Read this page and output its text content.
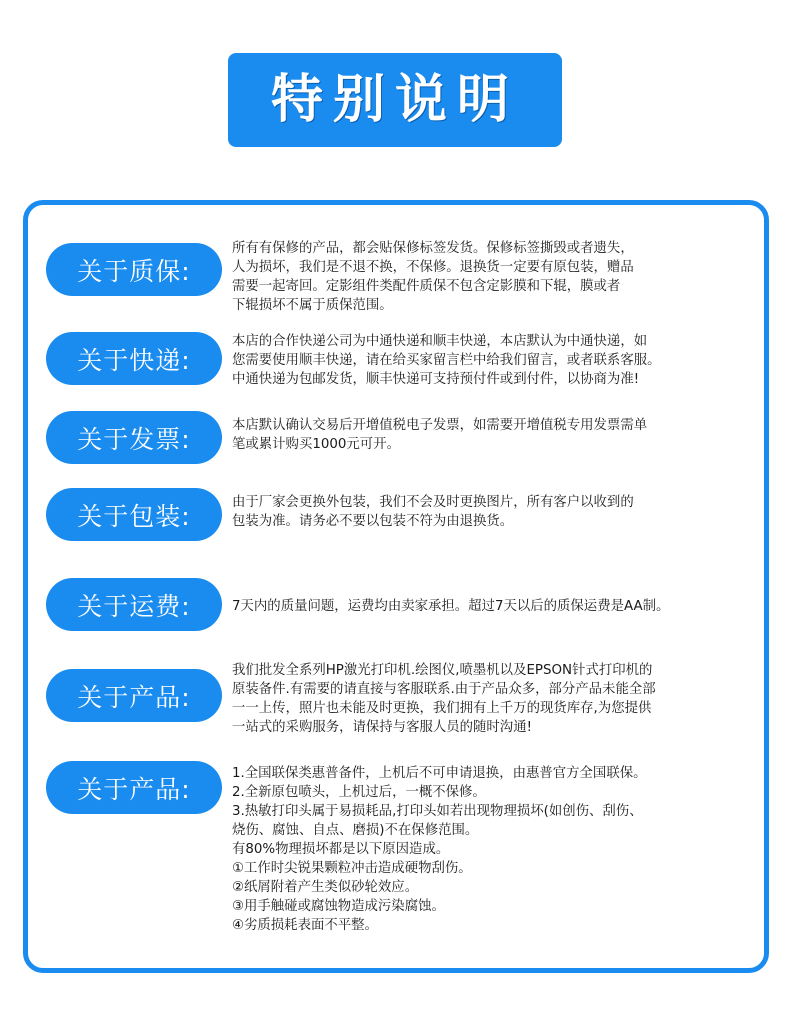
特别说明
关于质保:
所有有保修的产品，都会贴保修标签发货。保修标签撕毁或者遗失，
人为损坏，我们是不退不换，不保修。退换货一定要有原包装，赠品
需要一起寄回。定影组件类配件质保不包含定影膜和下辊，膜或者
下辊损坏不属于质保范围。
关于快递:
本店的合作快递公司为中通快递和顺丰快递，本店默认为中通快递，如
您需要使用顺丰快递，请在给买家留言栏中给我们留言，或者联系客服。
中通快递为包邮发货，顺丰快递可支持预付件或到付件，以协商为准!
关于发票:	本店默认确认交易后开增值税电子发票，如需要开增值税专用发票需单
笔或累计购买1000元可开。
关于包装:	由于厂家会更换外包装，我们不会及时更换图片，所有客户以收到的
包装为准。请务必不要以包装不符为由退换货。
关于运费:	7天内的质量问题，运费均由卖家承担。超过7天以后的质保运费是AA制。
关于产品:
我们批发全系列HP激光打印机.绘图仪,喷墨机以及EPSON针式打印机的
原装备件.有需要的请直接与客服联系.由于产品众多，部分产品未能全部
一一上传，照片也未能及时更换，我们拥有上千万的现货库存,为您提供
一站式的采购服务，请保持与客服人员的随时沟通!
关于产品:
1.全国联保类惠普备件，上机后不可申请退换，由惠普官方全国联保。
2.全新原包喷头，上机过后，一概不保修。
3.热敏打印头属于易损耗品,打印头如若出现物理损坏(如创伤、刮伤、
烧伤、腐蚀、自点、磨损)不在保修范围。
有80%物理损坏都是以下原因造成。
①工作时尖锐果颗粒冲击造成硬物刮伤。
②纸屑附着产生类似砂轮效应。
③用手触碰或腐蚀物造成污染腐蚀。
④劣质损耗表面不平整。
